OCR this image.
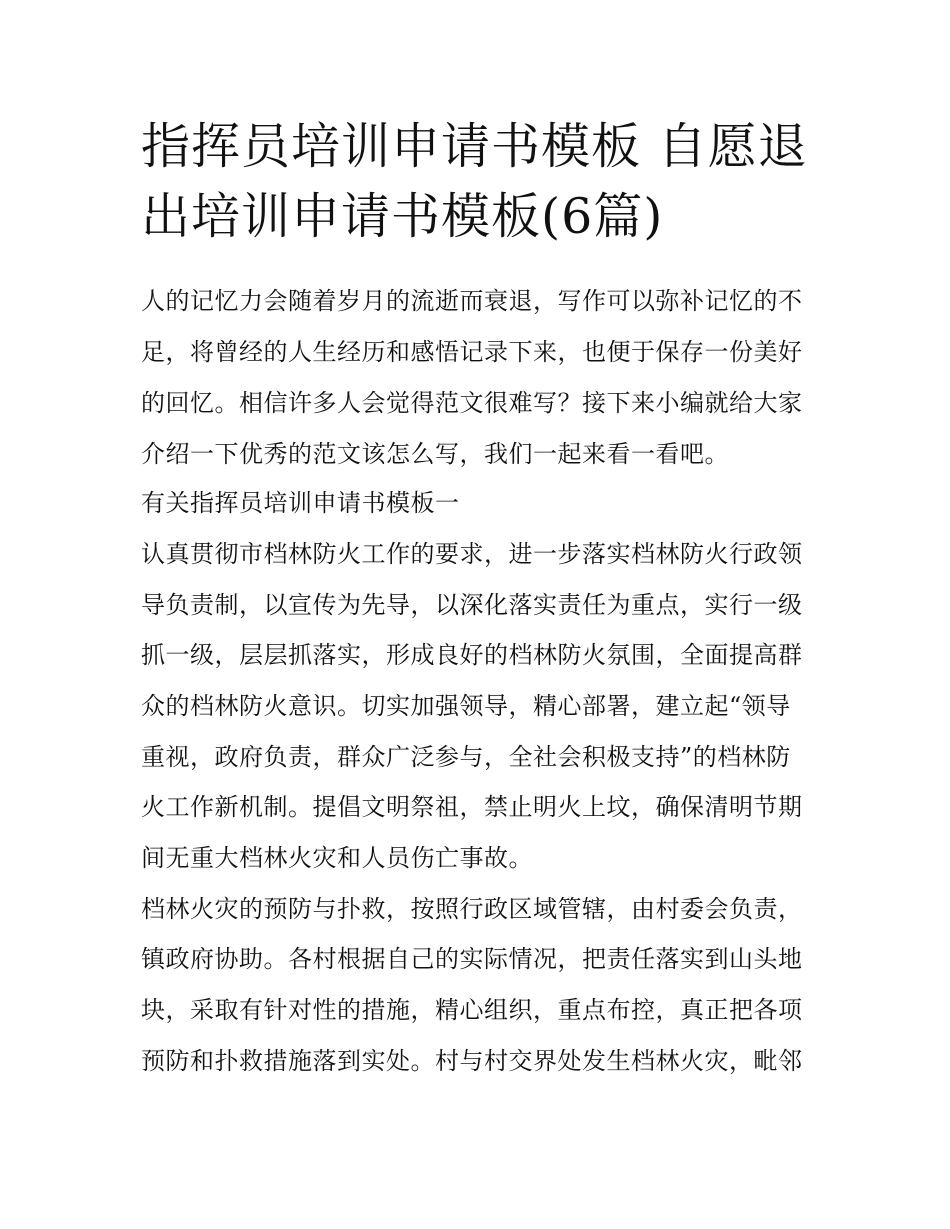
指挥员培训申请书模板 自愿退出培训申请书模板(6篇)

人的记忆力会随着岁月的流逝而衰退，写作可以弥补记忆的不

足，将曾经的人生经历和感悟记录下来，也便于保存一份美好

的回忆。相信许多人会觉得范文很难写？接下来小编就给大家

介绍一下优秀的范文该怎么写，我们一起来看一看吧。

有关指挥员培训申请书模板一

认真贯彻市档林防火工作的要求，进一步落实档林防火行政领

导负责制，以宣传为先导，以深化落实责任为重点，实行一级

抓一级，层层抓落实，形成良好的档林防火氛围，全面提高群

众的档林防火意识。切实加强领导，精心部署，建立起“领导

重视，政府负责，群众广泛参与，全社会积极支持”的档林防

火工作新机制。提倡文明祭祖，禁止明火上坟，确保清明节期

间无重大档林火灾和人员伤亡事故。

档林火灾的预防与扑救，按照行政区域管辖，由村委会负责，

镇政府协助。各村根据自己的实际情况，把责任落实到山头地

块，采取有针对性的措施，精心组织，重点布控，真正把各项

预防和扑救措施落到实处。村与村交界处发生档林火灾，毗邻
